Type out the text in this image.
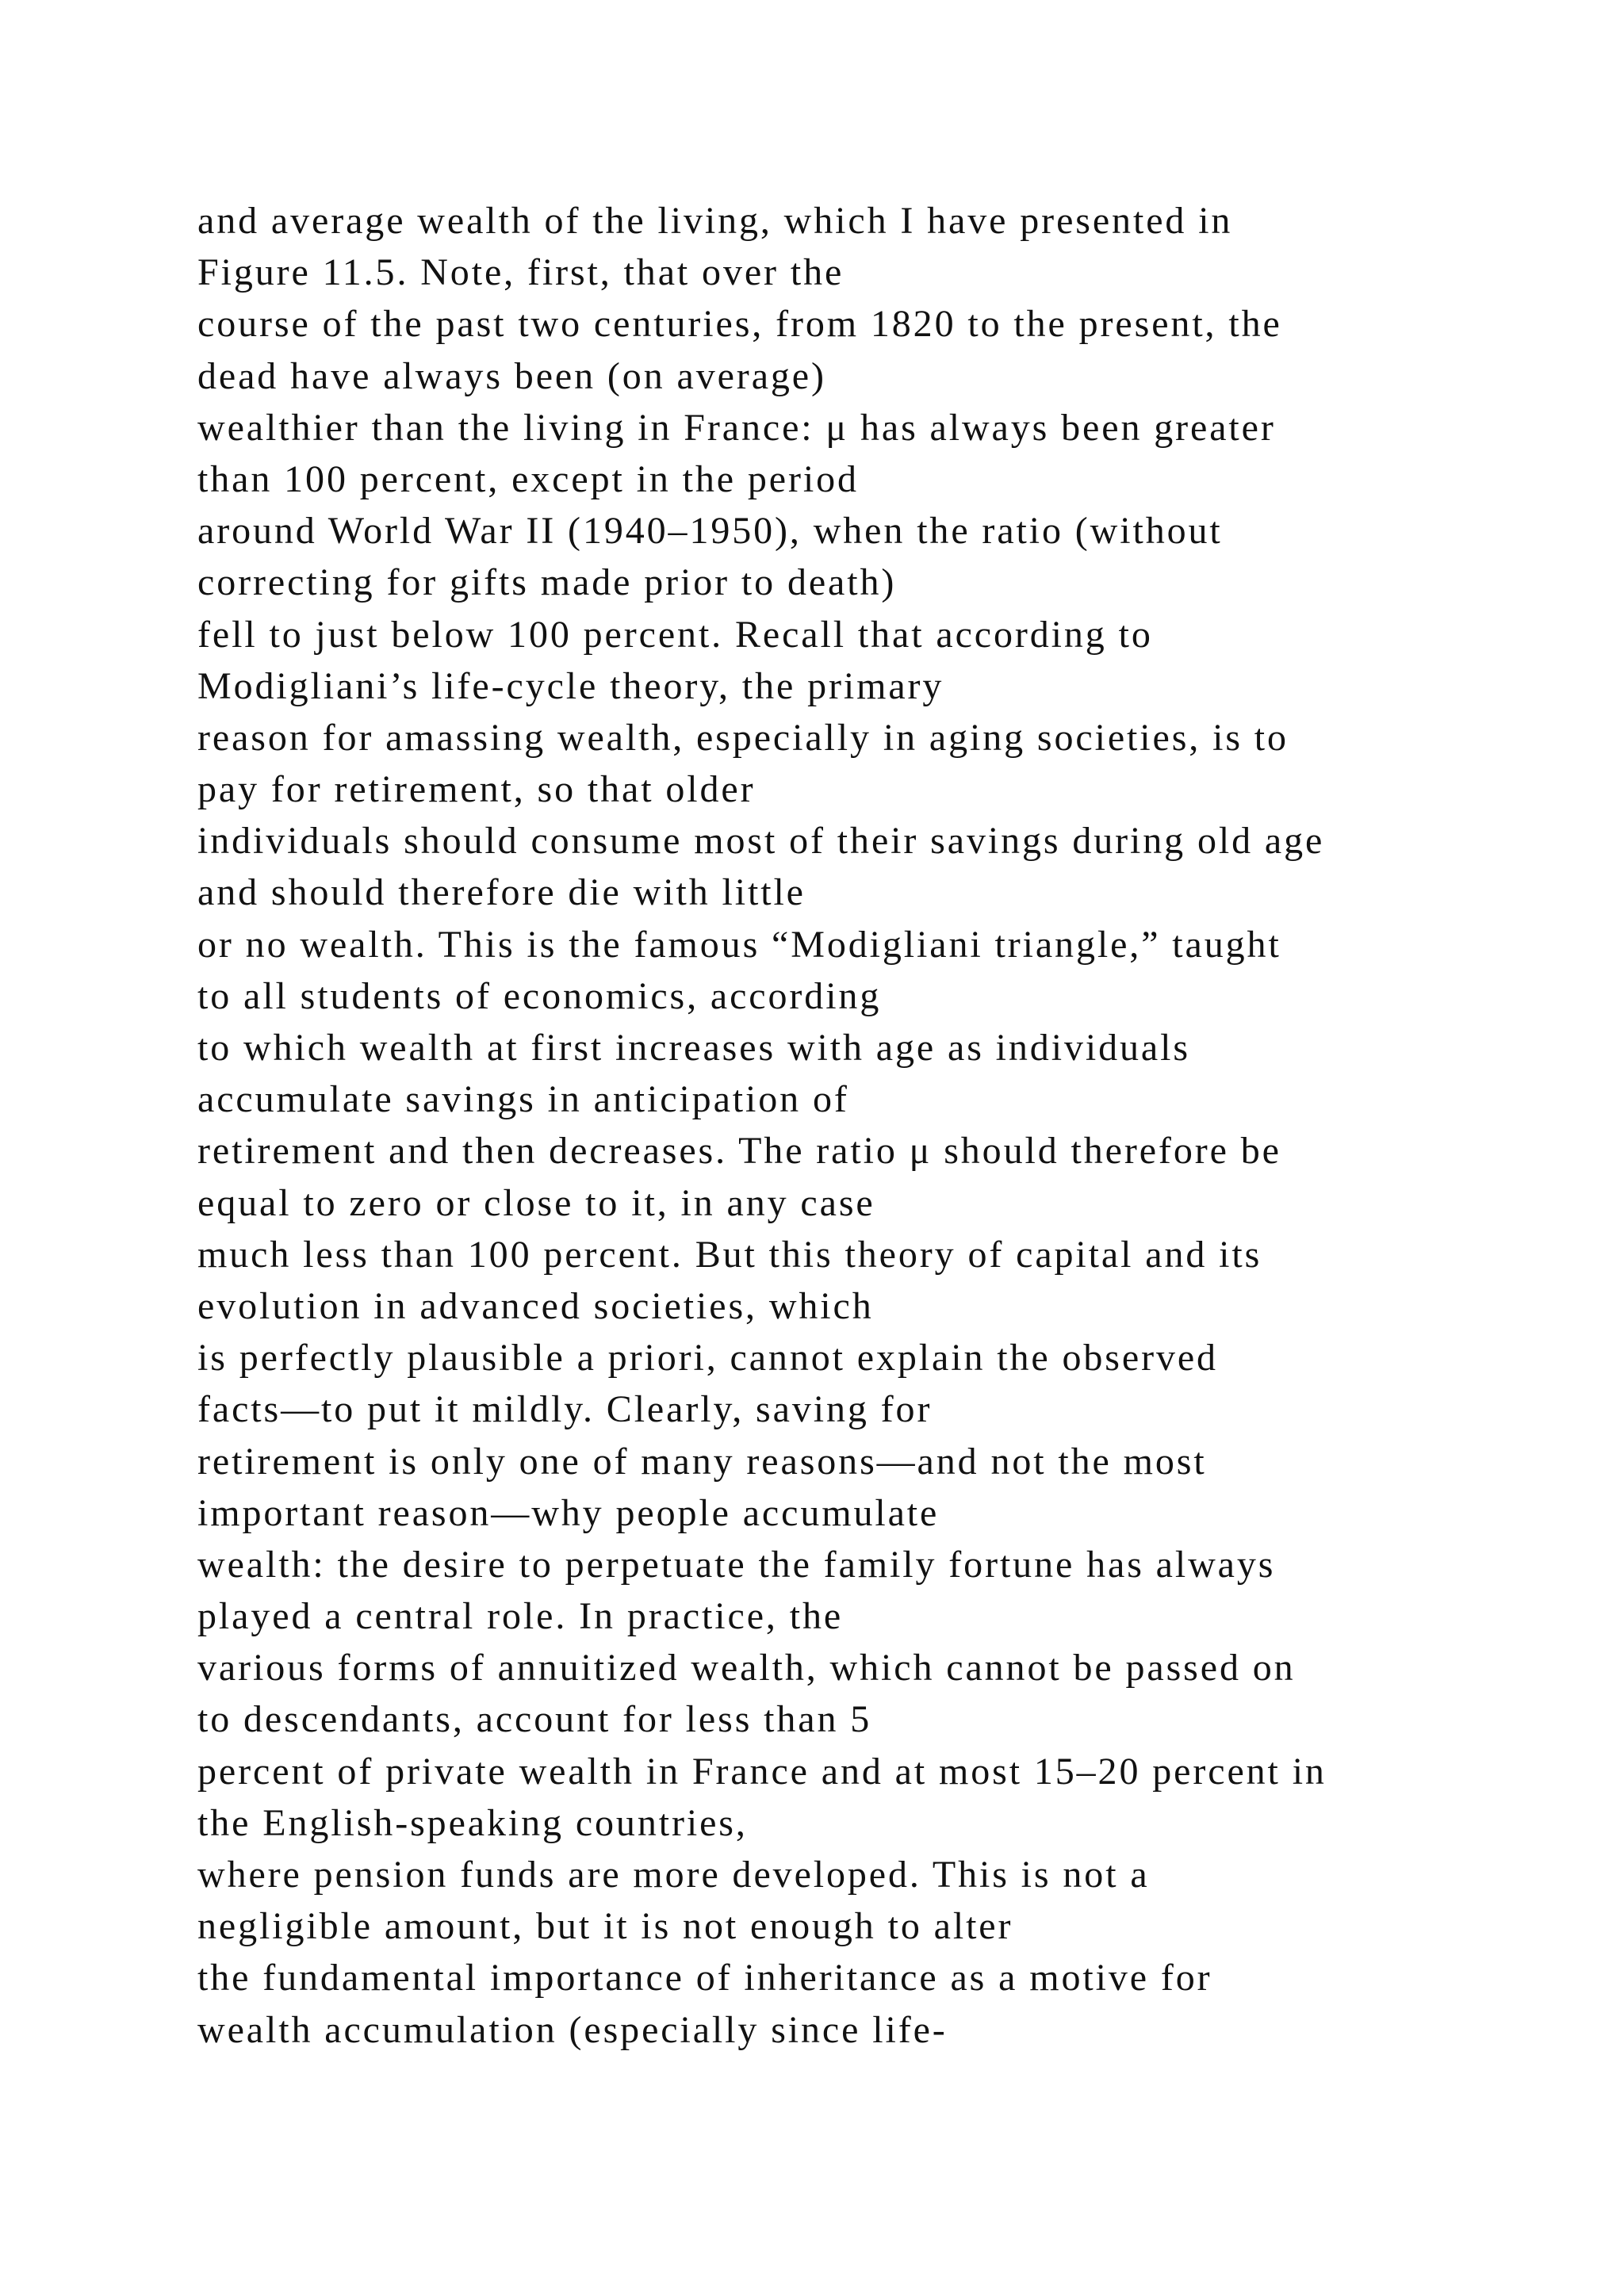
and average wealth of the living, which I have presented in
Figure 11.5. Note, first, that over the
course of the past two centuries, from 1820 to the present, the
dead have always been (on average)
wealthier than the living in France: μ has always been greater
than 100 percent, except in the period
around World War II (1940–1950), when the ratio (without
correcting for gifts made prior to death)
fell to just below 100 percent. Recall that according to
Modigliani’s life-cycle theory, the primary
reason for amassing wealth, especially in aging societies, is to
pay for retirement, so that older
individuals should consume most of their savings during old age
and should therefore die with little
or no wealth. This is the famous “Modigliani triangle,” taught
to all students of economics, according
to which wealth at first increases with age as individuals
accumulate savings in anticipation of
retirement and then decreases. The ratio μ should therefore be
equal to zero or close to it, in any case
much less than 100 percent. But this theory of capital and its
evolution in advanced societies, which
is perfectly plausible a priori, cannot explain the observed
facts—to put it mildly. Clearly, saving for
retirement is only one of many reasons—and not the most
important reason—why people accumulate
wealth: the desire to perpetuate the family fortune has always
played a central role. In practice, the
various forms of annuitized wealth, which cannot be passed on
to descendants, account for less than 5
percent of private wealth in France and at most 15–20 percent in
the English-speaking countries,
where pension funds are more developed. This is not a
negligible amount, but it is not enough to alter
the fundamental importance of inheritance as a motive for
wealth accumulation (especially since life-
